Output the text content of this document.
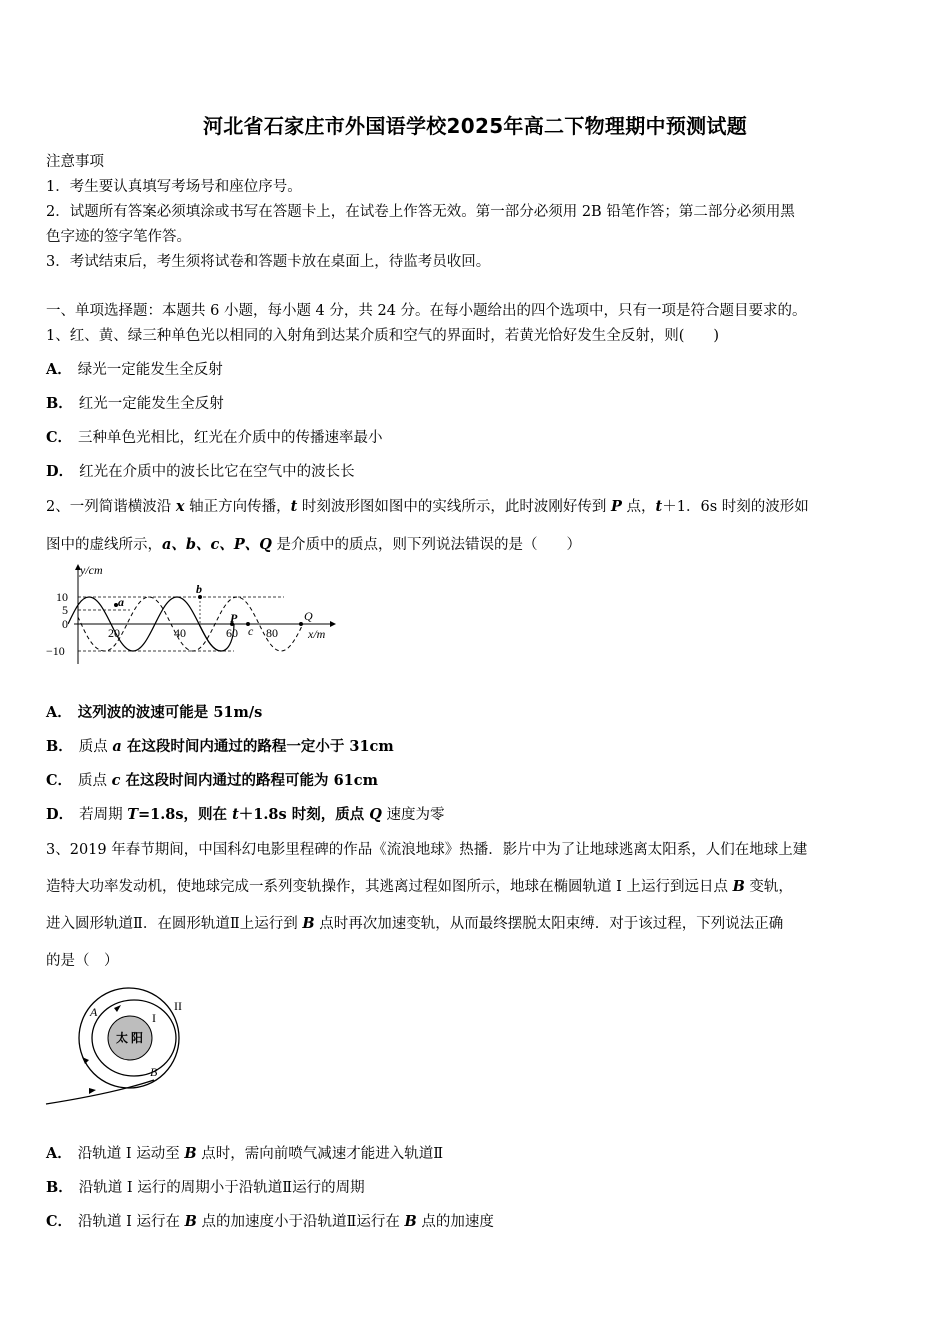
河北省石家庄市外国语学校2025年高二下物理期中预测试题
注意事项
1．考生要认真填写考场号和座位序号。
2．试题所有答案必须填涂或书写在答题卡上，在试卷上作答无效。第一部分必须用 2B 铅笔作答；第二部分必须用黑
色字迹的签字笔作答。
3．考试结束后，考生须将试卷和答题卡放在桌面上，待监考员收回。
一、单项选择题：本题共 6 小题，每小题 4 分，共 24 分。在每小题给出的四个选项中，只有一项是符合题目要求的。
1、红、黄、绿三种单色光以相同的入射角到达某介质和空气的界面时，若黄光恰好发生全反射，则(　　)
A． 绿光一定能发生全反射
B． 红光一定能发生全反射
C． 三种单色光相比，红光在介质中的传播速率最小
D． 红光在介质中的波长比它在空气中的波长长
2、一列简谐横波沿 x 轴正方向传播，t 时刻波形图如图中的实线所示，此时波刚好传到 P 点，t＋1．6s 时刻的波形如
图中的虚线所示，a、b、c、P、Q 是介质中的质点，则下列说法错误的是（　　）
y/cm
x/m
10
5
0
−10
20	40	60 80
a
b
P
c
Q
A． 这列波的波速可能是 51m/s
B． 质点 a 在这段时间内通过的路程一定小于 31cm
C． 质点 c 在这段时间内通过的路程可能为 61cm
D． 若周期 T=1.8s，则在 t＋1.8s 时刻，质点 Q 速度为零
3、2019 年春节期间，中国科幻电影里程碑的作品《流浪地球》热播．影片中为了让地球逃离太阳系，人们在地球上建
造特大功率发动机，使地球完成一系列变轨操作，其逃离过程如图所示，地球在椭圆轨道 I 上运行到远日点 B 变轨，
进入圆形轨道Ⅱ．在圆形轨道Ⅱ上运行到 B 点时再次加速变轨，从而最终摆脱太阳束缚．对于该过程，下列说法正确
的是（　）
太 阳
A
B
I
II
A． 沿轨道 I 运动至 B 点时，需向前喷气减速才能进入轨道Ⅱ
B． 沿轨道 I 运行的周期小于沿轨道Ⅱ运行的周期
C． 沿轨道 I 运行在 B 点的加速度小于沿轨道Ⅱ运行在 B 点的加速度
